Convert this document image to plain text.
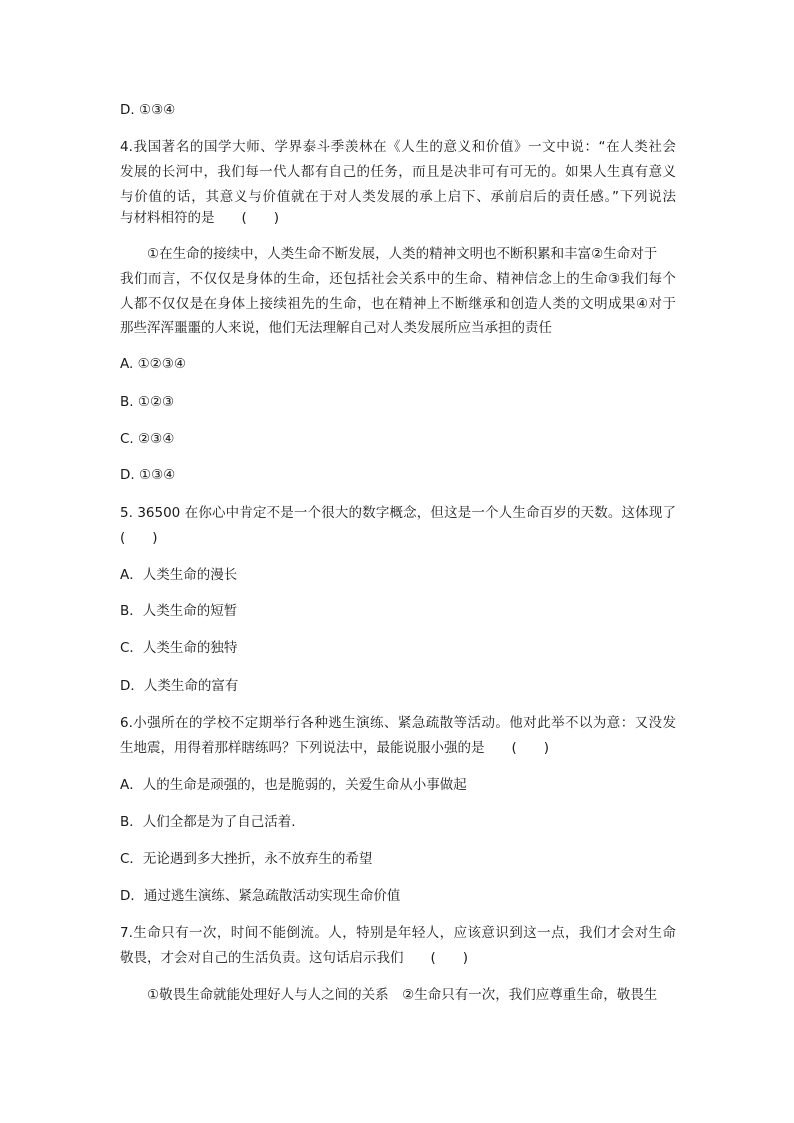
D. ①③④
4.我国著名的国学大师、学界泰斗季羡林在《人生的意义和价值》一文中说：“在人类社会
发展的长河中，我们每一代人都有自己的任务，而且是决非可有可无的。如果人生真有意义
与价值的话，其意义与价值就在于对人类发展的承上启下、承前启后的责任感。”下列说法
与材料相符的是　　(　　)
①在生命的接续中，人类生命不断发展，人类的精神文明也不断积累和丰富②生命对于
我们而言，不仅仅是身体的生命，还包括社会关系中的生命、精神信念上的生命③我们每个
人都不仅仅是在身体上接续祖先的生命，也在精神上不断继承和创造人类的文明成果④对于
那些浑浑噩噩的人来说，他们无法理解自己对人类发展所应当承担的责任
A. ①②③④
B. ①②③
C. ②③④
D. ①③④
5. 36500 在你心中肯定不是一个很大的数字概念，但这是一个人生命百岁的天数。这体现了
(　　)
A．人类生命的漫长
B．人类生命的短暂
C．人类生命的独特
D．人类生命的富有
6.小强所在的学校不定期举行各种逃生演练、紧急疏散等活动。他对此举不以为意：又没发
生地震，用得着那样瞎练吗？下列说法中，最能说服小强的是　　(　　)
A．人的生命是顽强的，也是脆弱的，关爱生命从小事做起
B．人们全都是为了自己活着.
C．无论遇到多大挫折，永不放弃生的希望
D．通过逃生演练、紧急疏散活动实现生命价值
7.生命只有一次，时间不能倒流。人，特别是年轻人，应该意识到这一点，我们才会对生命
敬畏，才会对自己的生活负责。这句话启示我们　　(　　)
①敬畏生命就能处理好人与人之间的关系　②生命只有一次，我们应尊重生命，敬畏生
